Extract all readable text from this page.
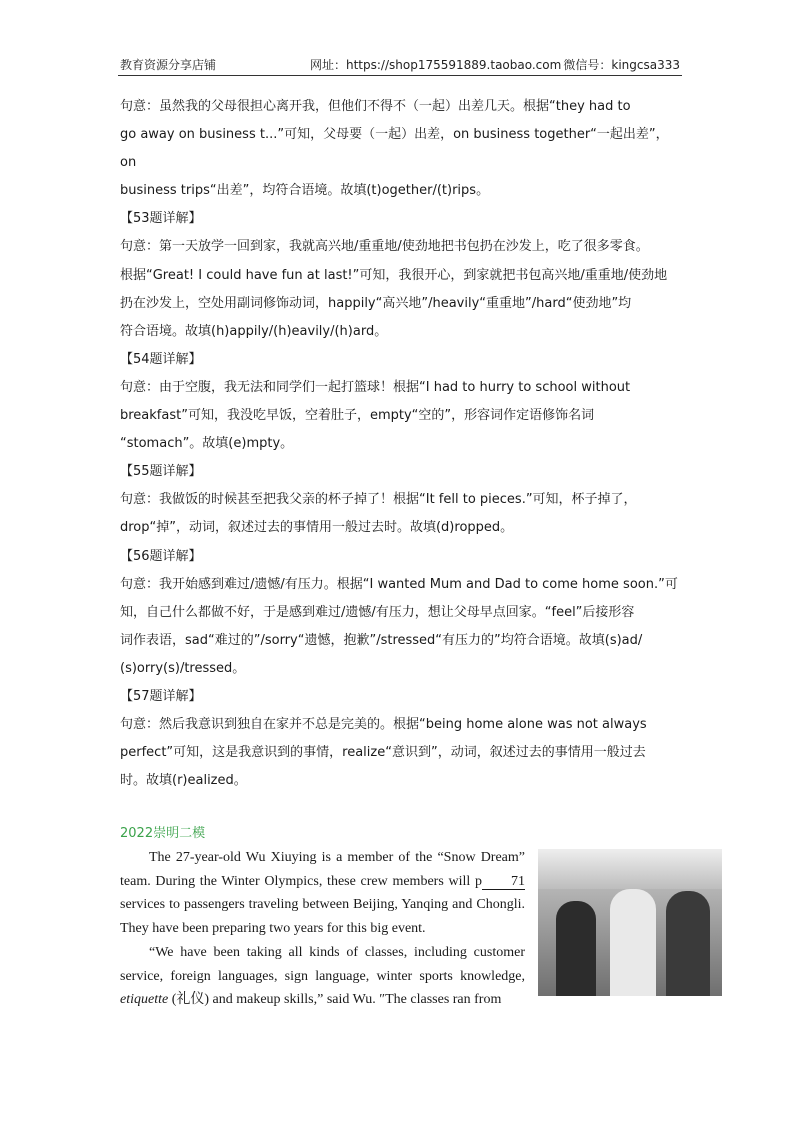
教育资源分享店铺	网址：https://shop175591889.taobao.com 微信号：kingcsa333

句意：虽然我的父母很担心离开我，但他们不得不（一起）出差几天。根据“they had to

go away on business t...”可知，父母要（一起）出差，on business together“一起出差”，on

business trips“出差”，均符合语境。故填(t)ogether/(t)rips。

【53题详解】

句意：第一天放学一回到家，我就高兴地/重重地/使劲地把书包扔在沙发上，吃了很多零食。

根据“Great! I could have fun at last!”可知，我很开心，到家就把书包高兴地/重重地/使劲地

扔在沙发上，空处用副词修饰动词，happily“高兴地”/heavily“重重地”/hard“使劲地”均

符合语境。故填(h)appily/(h)eavily/(h)ard。

【54题详解】

句意：由于空腹，我无法和同学们一起打篮球！根据“I had to hurry to school without

breakfast”可知，我没吃早饭，空着肚子，empty“空的”，形容词作定语修饰名词

“stomach”。故填(e)mpty。

【55题详解】

句意：我做饭的时候甚至把我父亲的杯子掉了！根据“It fell to pieces.”可知，杯子掉了，

drop“掉”，动词，叙述过去的事情用一般过去时。故填(d)ropped。

【56题详解】

句意：我开始感到难过/遗憾/有压力。根据“I wanted Mum and Dad to come home soon.”可

知，自己什么都做不好，于是感到难过/遗憾/有压力，想让父母早点回家。“feel”后接形容

词作表语，sad“难过的”/sorry“遗憾，抱歉”/stressed“有压力的”均符合语境。故填(s)ad/

(s)orry(s)/tressed。

【57题详解】

句意：然后我意识到独自在家并不总是完美的。根据“being home alone was not always

perfect”可知，这是我意识到的事情，realize“意识到”，动词，叙述过去的事情用一般过去

时。故填(r)ealized。

2022崇明二模

The 27-year-old Wu Xiuying is a member of the “Snow Dream” team. During the Winter Olympics, these crew members will p 71 services to passengers traveling between Beijing, Yanqing and Chongli. They have been preparing two years for this big event.

“We have been taking all kinds of classes, including customer service, foreign languages, sign language, winter sports knowledge, etiquette (礼仪) and makeup skills,” said Wu. ″The classes ran from
